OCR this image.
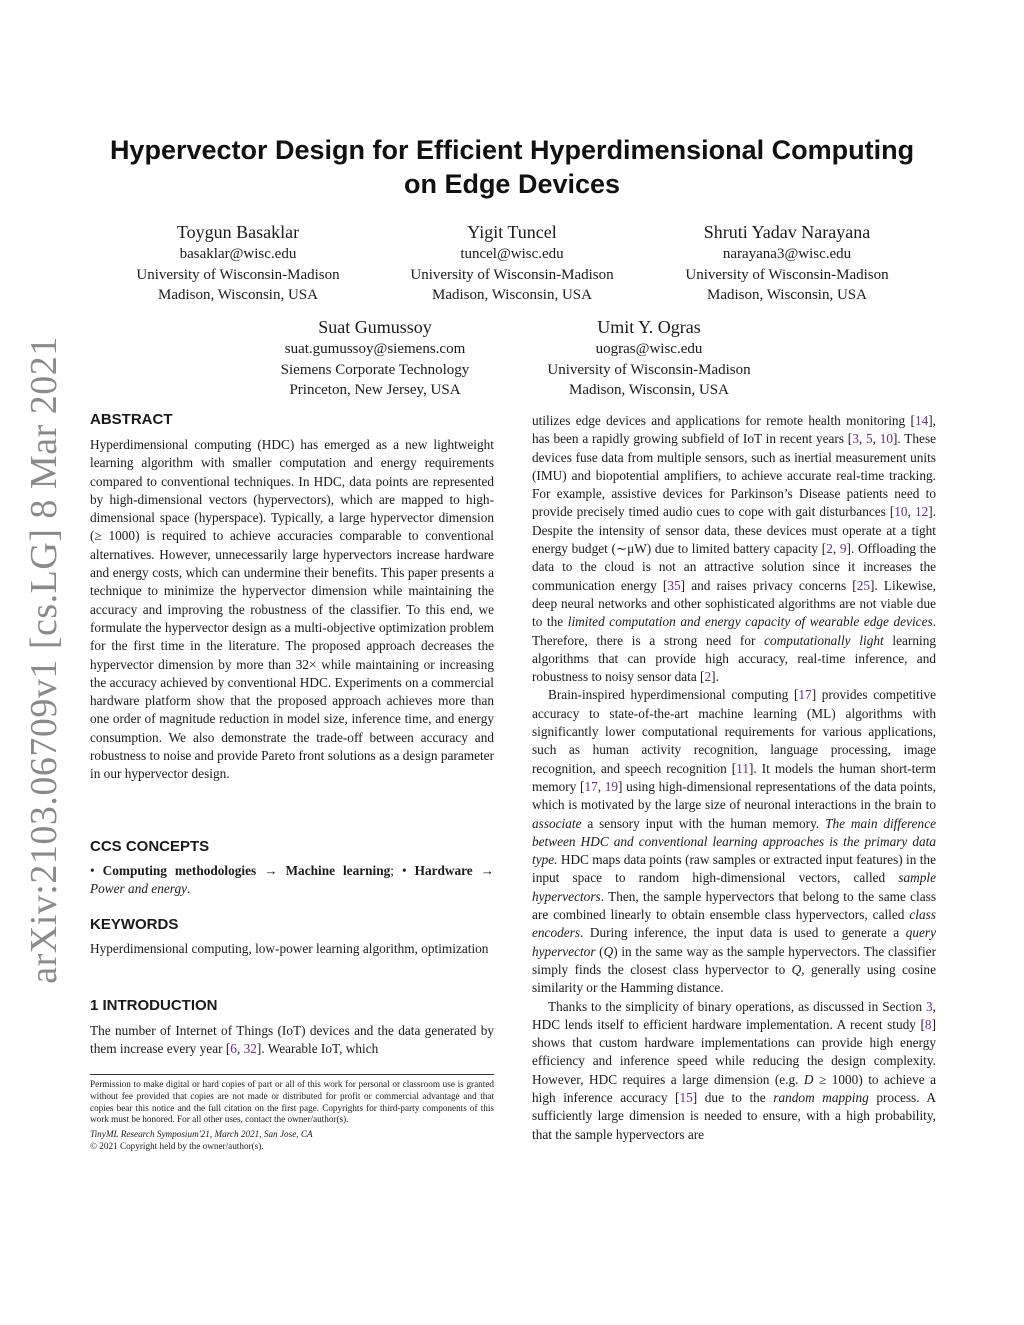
arXiv:2103.06709v1 [cs.LG] 8 Mar 2021
Hypervector Design for Efficient Hyperdimensional Computing
on Edge Devices
Toygun Basaklar
basaklar@wisc.edu
University of Wisconsin-Madison
Madison, Wisconsin, USA
Yigit Tuncel
tuncel@wisc.edu
University of Wisconsin-Madison
Madison, Wisconsin, USA
Shruti Yadav Narayana
narayana3@wisc.edu
University of Wisconsin-Madison
Madison, Wisconsin, USA
Suat Gumussoy
suat.gumussoy@siemens.com
Siemens Corporate Technology
Princeton, New Jersey, USA
Umit Y. Ogras
uogras@wisc.edu
University of Wisconsin-Madison
Madison, Wisconsin, USA
ABSTRACT

Hyperdimensional computing (HDC) has emerged as a new lightweight learning algorithm with smaller computation and energy requirements compared to conventional techniques. In HDC, data points are represented by high-dimensional vectors (hypervectors), which are mapped to high-dimensional space (hyperspace). Typically, a large hypervector dimension (≥ 1000) is required to achieve accuracies comparable to conventional alternatives. However, unnecessarily large hypervectors increase hardware and energy costs, which can undermine their benefits. This paper presents a technique to minimize the hypervector dimension while maintaining the accuracy and improving the robustness of the classifier. To this end, we formulate the hypervector design as a multi-objective optimization problem for the first time in the literature. The proposed approach decreases the hypervector dimension by more than 32× while maintaining or increasing the accuracy achieved by conventional HDC. Experiments on a commercial hardware platform show that the proposed approach achieves more than one order of magnitude reduction in model size, inference time, and energy consumption. We also demonstrate the trade-off between accuracy and robustness to noise and provide Pareto front solutions as a design parameter in our hypervector design.

CCS CONCEPTS

• Computing methodologies → Machine learning; • Hardware → Power and energy.

KEYWORDS

Hyperdimensional computing, low-power learning algorithm, optimization

1 INTRODUCTION

The number of Internet of Things (IoT) devices and the data generated by them increase every year [6, 32]. Wearable IoT, which

Permission to make digital or hard copies of part or all of this work for personal or classroom use is granted without fee provided that copies are not made or distributed for profit or commercial advantage and that copies bear this notice and the full citation on the first page. Copyrights for third-party components of this work must be honored. For all other uses, contact the owner/author(s).
TinyML Research Symposium'21, March 2021, San Jose, CA
© 2021 Copyright held by the owner/author(s).

utilizes edge devices and applications for remote health monitoring [14], has been a rapidly growing subfield of IoT in recent years [3, 5, 10]. These devices fuse data from multiple sensors, such as inertial measurement units (IMU) and biopotential amplifiers, to achieve accurate real-time tracking. For example, assistive devices for Parkinson’s Disease patients need to provide precisely timed audio cues to cope with gait disturbances [10, 12]. Despite the intensity of sensor data, these devices must operate at a tight energy budget (∼μW) due to limited battery capacity [2, 9]. Offloading the data to the cloud is not an attractive solution since it increases the communication energy [35] and raises privacy concerns [25]. Likewise, deep neural networks and other sophisticated algorithms are not viable due to the limited computation and energy capacity of wearable edge devices. Therefore, there is a strong need for computationally light learning algorithms that can provide high accuracy, real-time inference, and robustness to noisy sensor data [2].

Brain-inspired hyperdimensional computing [17] provides competitive accuracy to state-of-the-art machine learning (ML) algorithms with significantly lower computational requirements for various applications, such as human activity recognition, language processing, image recognition, and speech recognition [11]. It models the human short-term memory [17, 19] using high-dimensional representations of the data points, which is motivated by the large size of neuronal interactions in the brain to associate a sensory input with the human memory. The main difference between HDC and conventional learning approaches is the primary data type. HDC maps data points (raw samples or extracted input features) in the input space to random high-dimensional vectors, called sample hypervectors. Then, the sample hypervectors that belong to the same class are combined linearly to obtain ensemble class hypervectors, called class encoders. During inference, the input data is used to generate a query hypervector (Q) in the same way as the sample hypervectors. The classifier simply finds the closest class hypervector to Q, generally using cosine similarity or the Hamming distance.

Thanks to the simplicity of binary operations, as discussed in Section 3, HDC lends itself to efficient hardware implementation. A recent study [8] shows that custom hardware implementations can provide high energy efficiency and inference speed while reducing the design complexity. However, HDC requires a large dimension (e.g. D ≥ 1000) to achieve a high inference accuracy [15] due to the random mapping process. A sufficiently large dimension is needed to ensure, with a high probability, that the sample hypervectors are
